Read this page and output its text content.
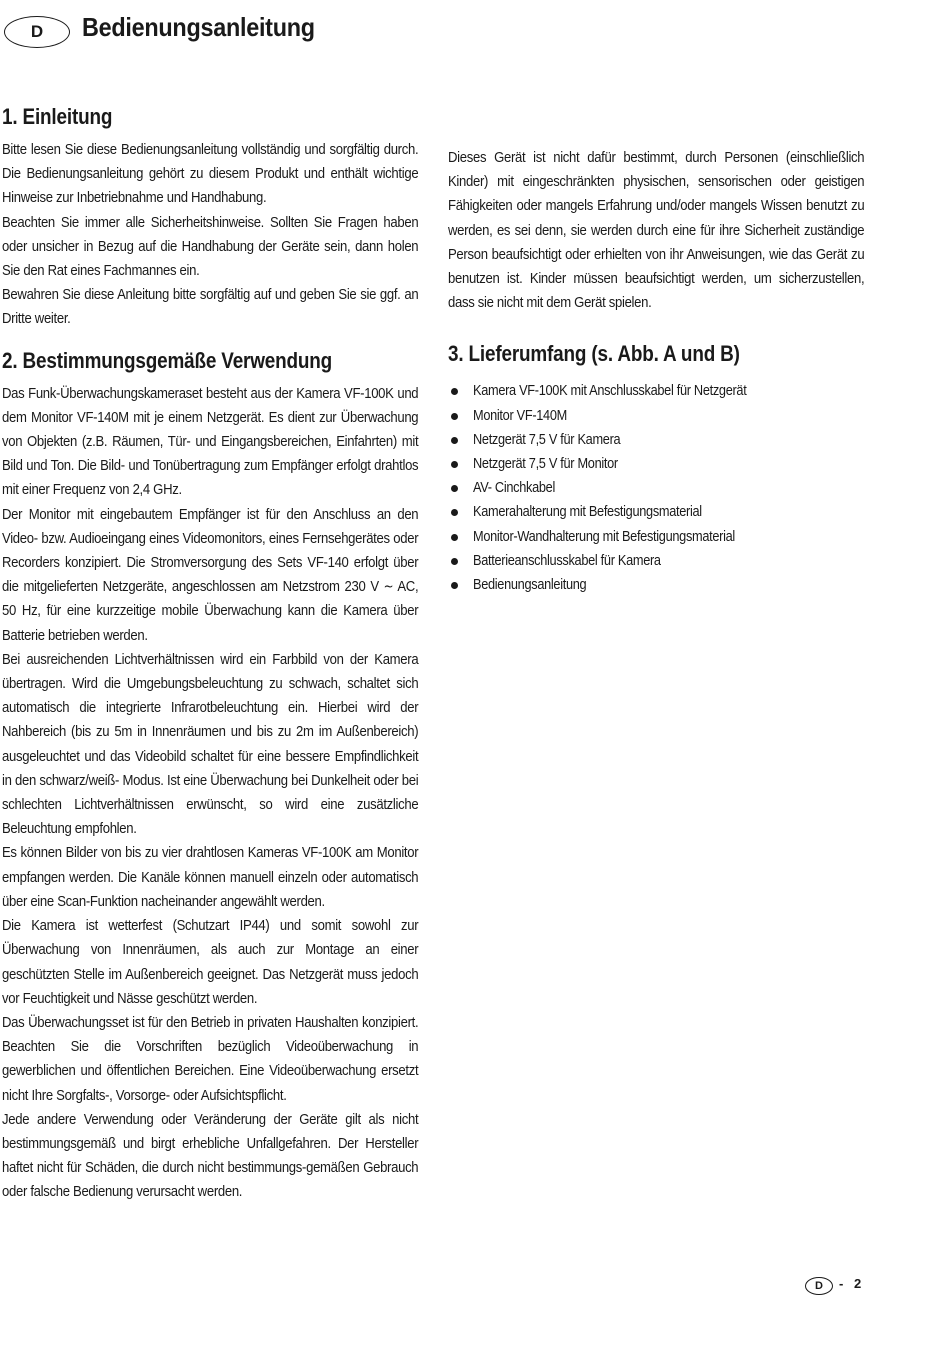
D	Bedienungsanleitung
1. Einleitung

Bitte lesen Sie diese Bedienungsanleitung vollständig und sorgfältig durch. Die Bedienungsanleitung gehört zu diesem Produkt und enthält wichtige Hinweise zur Inbetriebnahme und Handhabung.

Beachten Sie immer alle Sicherheitshinweise. Sollten Sie Fragen haben oder unsicher in Bezug auf die Handhabung der Geräte sein, dann holen Sie den Rat eines Fachmannes ein.

Bewahren Sie diese Anleitung bitte sorgfältig auf und geben Sie sie ggf. an Dritte weiter.

2. Bestimmungsgemäße Verwendung

Das Funk-Überwachungskameraset besteht aus der Kamera VF-100K und dem Monitor VF-140M mit je einem Netzgerät. Es dient zur Überwachung von Objekten (z.B. Räumen, Tür- und Eingangsbereichen, Einfahrten) mit Bild und Ton. Die Bild- und Tonübertragung zum Empfänger erfolgt drahtlos mit einer Frequenz von 2,4 GHz.

Der Monitor mit eingebautem Empfänger ist für den Anschluss an den Video- bzw. Audioeingang eines Videomonitors, eines Fernsehgerätes oder Recorders konzipiert. Die Stromversorgung des Sets VF-140 erfolgt über die mitgelieferten Netzgeräte, angeschlossen am Netzstrom 230 V ∼ AC, 50 Hz, für eine kurzzeitige mobile Überwachung kann die Kamera über Batterie betrieben werden.

Bei ausreichenden Lichtverhältnissen wird ein Farbbild von der Kamera übertragen. Wird die Umgebungsbeleuchtung zu schwach, schaltet sich automatisch die integrierte Infrarotbeleuchtung ein. Hierbei wird der Nahbereich (bis zu 5m in Innenräumen und bis zu 2m im Außenbereich) ausgeleuchtet und das Videobild schaltet für eine bessere Empfindlichkeit in den schwarz/weiß- Modus. Ist eine Überwachung bei Dunkelheit oder bei schlechten Lichtverhältnissen erwünscht, so wird eine zusätzliche Beleuchtung empfohlen.

Es können Bilder von bis zu vier drahtlosen Kameras VF-100K am Monitor empfangen werden. Die Kanäle können manuell einzeln oder automatisch über eine Scan-Funktion nacheinander angewählt werden.

Die Kamera ist wetterfest (Schutzart IP44) und somit sowohl zur Überwachung von Innenräumen, als auch zur Montage an einer geschützten Stelle im Außenbereich geeignet. Das Netzgerät muss jedoch vor Feuchtigkeit und Nässe geschützt werden.

Das Überwachungsset ist für den Betrieb in privaten Haushalten konzipiert. Beachten Sie die Vorschriften bezüglich Videoüberwachung in gewerblichen und öffentlichen Bereichen. Eine Videoüberwachung ersetzt nicht Ihre Sorgfalts-, Vorsorge- oder Aufsichtspflicht.

Jede andere Verwendung oder Veränderung der Geräte gilt als nicht bestimmungsgemäß und birgt erhebliche Unfallgefahren. Der Hersteller haftet nicht für Schäden, die durch nicht bestimmungs-gemäßen Gebrauch oder falsche Bedienung verursacht werden.

Dieses Gerät ist nicht dafür bestimmt, durch Personen (einschließlich Kinder) mit eingeschränkten physischen, sensorischen oder geistigen Fähigkeiten oder mangels Erfahrung und/oder mangels Wissen benutzt zu werden, es sei denn, sie werden durch eine für ihre Sicherheit zuständige Person beaufsichtigt oder erhielten von ihr Anweisungen, wie das Gerät zu benutzen ist. Kinder müssen beaufsichtigt werden, um sicherzustellen, dass sie nicht mit dem Gerät spielen.

3. Lieferumfang (s. Abb. A und B)
Kamera VF-100K mit Anschlusskabel für Netzgerät
Monitor VF-140M
Netzgerät 7,5 V für Kamera
Netzgerät 7,5 V für Monitor
AV- Cinchkabel
Kamerahalterung mit Befestigungsmaterial
Monitor-Wandhalterung mit Befestigungsmaterial
Batterieanschlusskabel für Kamera
Bedienungsanleitung
D	- 2
